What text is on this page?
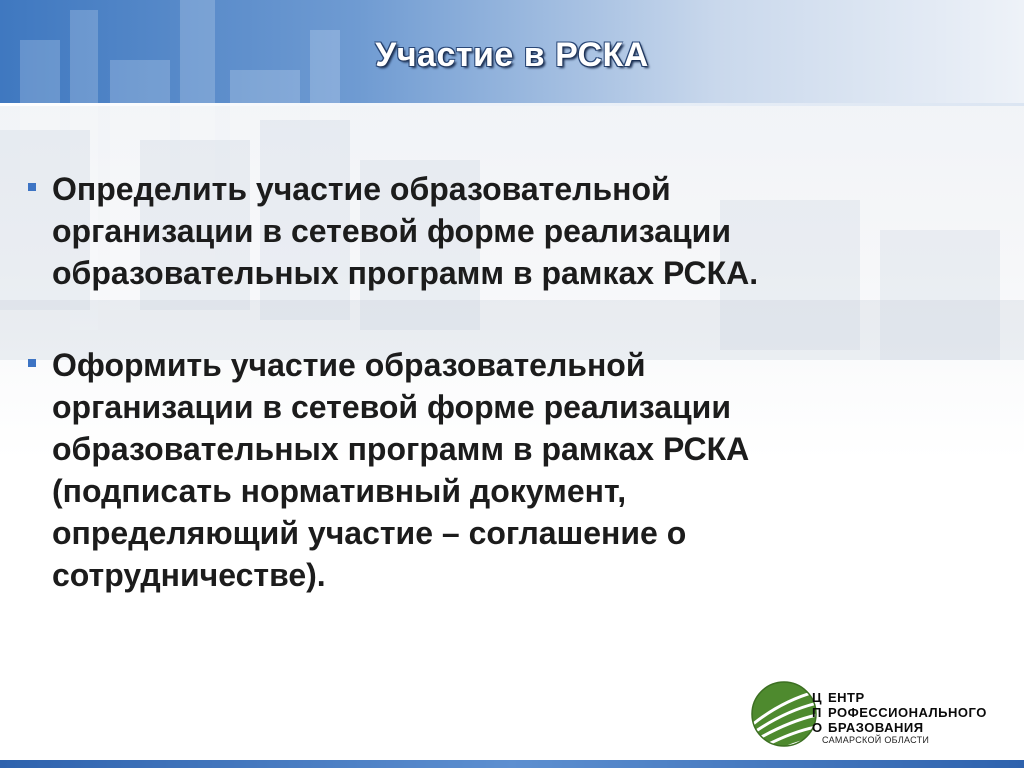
Участие в РСКА
Определить участие образовательной
организации в сетевой форме реализации
образовательных программ в рамках РСКА.
Оформить участие образовательной
организации в сетевой форме реализации
образовательных программ в рамках РСКА
(подписать нормативный документ,
определяющий участие – соглашение о
сотрудничестве).
Ц
П
О
ЕНТР
РОФЕССИОНАЛЬНОГО
БРАЗОВАНИЯ
САМАРСКОЙ ОБЛАСТИ
